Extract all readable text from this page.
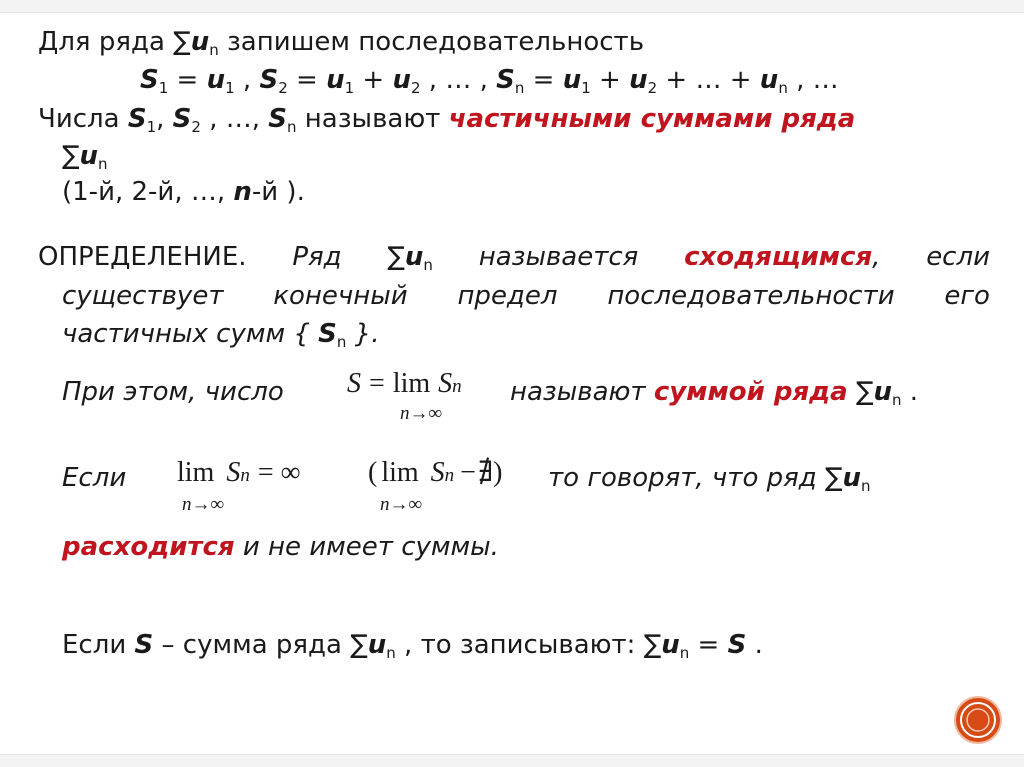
Для ряда $\sum u_n$ запишем последовательность
$S_1 = u_1$ , $S_2 = u_1 + u_2$ , … , $S_n = u_1 + u_2$ + … + $u_n$ , …
Числа $S_1$, $S_2$ , …, $S_n$ называют частичными суммами ряда
$\sum u_n$
(1-й, 2-й, …, n-й ).
ОПРЕДЕЛЕНИЕ. Ряд $\sum u_n$ называется сходящимся, если
существует конечный предел последовательности его
частичных сумм { $S_n$ }.
При этом, число S = lim Sn
n→∞
называют суммой ряда $\sum u_n$ .
Если lim Sn = ∞
n→∞
( lim Sn −∄)
n→∞
то говорят, что ряд $\sum u_n$
расходится и не имеет суммы.
Если S – сумма ряда $\sum u_n$ , то записывают: $\sum u_n = S$ .
